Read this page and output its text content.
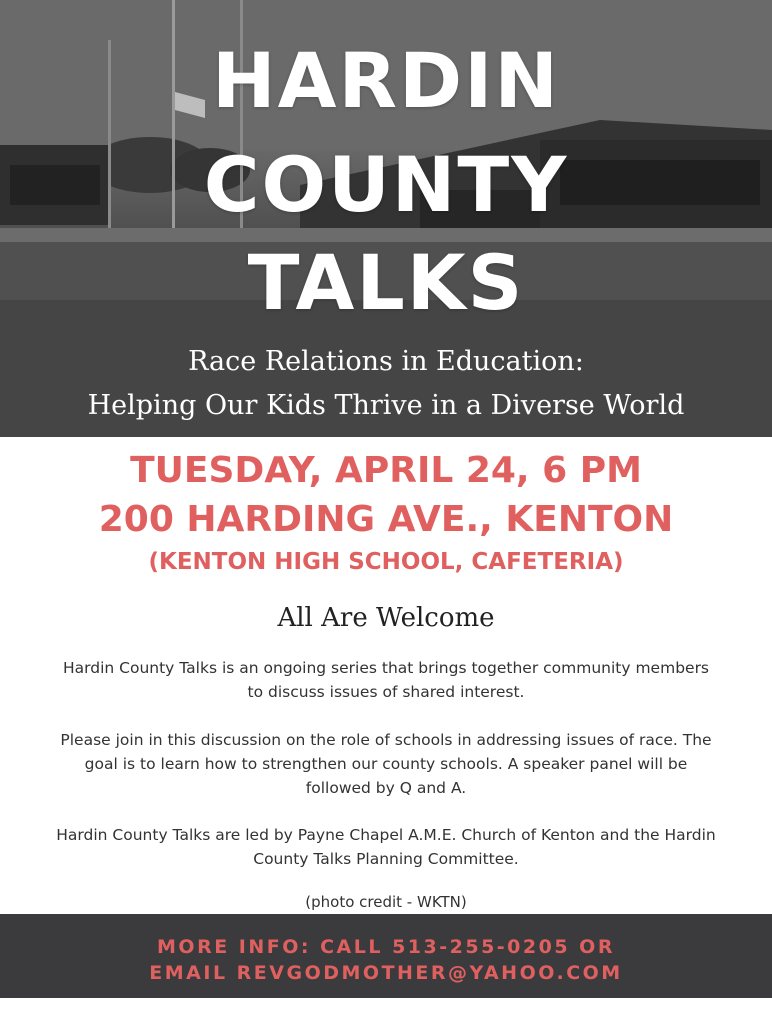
HARDIN
COUNTY
TALKS
Race Relations in Education:
Helping Our Kids Thrive in a Diverse World
TUESDAY, APRIL 24, 6 PM
200 HARDING AVE., KENTON
(KENTON HIGH SCHOOL, CAFETERIA)
All Are Welcome
Hardin County Talks is an ongoing series that brings together community members to discuss issues of shared interest.
Please join in this discussion on the role of schools in addressing issues of race. The goal is to learn how to strengthen our county schools. A speaker panel will be followed by Q and A.
Hardin County Talks are led by Payne Chapel A.M.E. Church of Kenton and the Hardin County Talks Planning Committee.
(photo credit - WKTN)
MORE INFO: CALL 513-255-0205 OR
EMAIL REVGODMOTHER@YAHOO.COM
